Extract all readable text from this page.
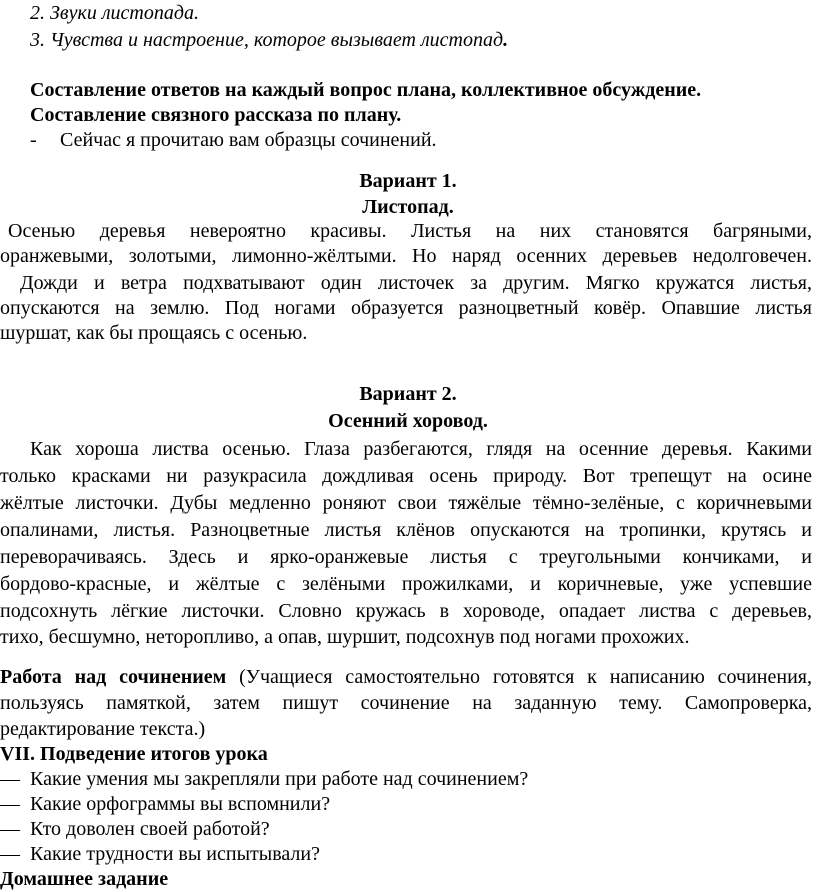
2. Звуки листопада.
3. Чувства и настроение, которое вызывает листопад.
Составление ответов на каждый вопрос плана, коллективное обсуждение.
Составление связного рассказа по плану.
- Сейчас я прочитаю вам образцы сочинений.
Вариант 1.
Листопад.
Осенью деревья невероятно красивы. Листья на них становятся багряными,
оранжевыми, золотыми, лимонно-жёлтыми. Но наряд осенних деревьев недолговечен.
Дожди и ветра подхватывают один листочек за другим. Мягко кружатся листья,
опускаются на землю. Под ногами образуется разноцветный ковёр. Опавшие листья
шуршат, как бы прощаясь с осенью.
Вариант 2.
Осенний хоровод.
Как хороша листва осенью. Глаза разбегаются, глядя на осенние деревья. Какими
только красками ни разукрасила дождливая осень природу. Вот трепещут на осине
жёлтые листочки. Дубы медленно роняют свои тяжёлые тёмно-зелёные, с коричневыми
опалинами, листья. Разноцветные листья клёнов опускаются на тропинки, крутясь и
переворачиваясь. Здесь и ярко-оранжевые листья с треугольными кончиками, и
бордово-красные, и жёлтые с зелёными прожилками, и коричневые, уже успевшие
подсохнуть лёгкие листочки. Словно кружась в хороводе, опадает листва с деревьев,
тихо, бесшумно, неторопливо, а опав, шуршит, подсохнув под ногами прохожих.
Работа над сочинением (Учащиеся самостоятельно готовятся к написанию сочинения,
пользуясь памяткой, затем пишут сочинение на заданную тему. Самопроверка,
редактирование текста.)
VII. Подведение итогов урока
— Какие умения мы закрепляли при работе над сочинением?
— Какие орфограммы вы вспомнили?
— Кто доволен своей работой?
— Какие трудности вы испытывали?
Домашнее задание
